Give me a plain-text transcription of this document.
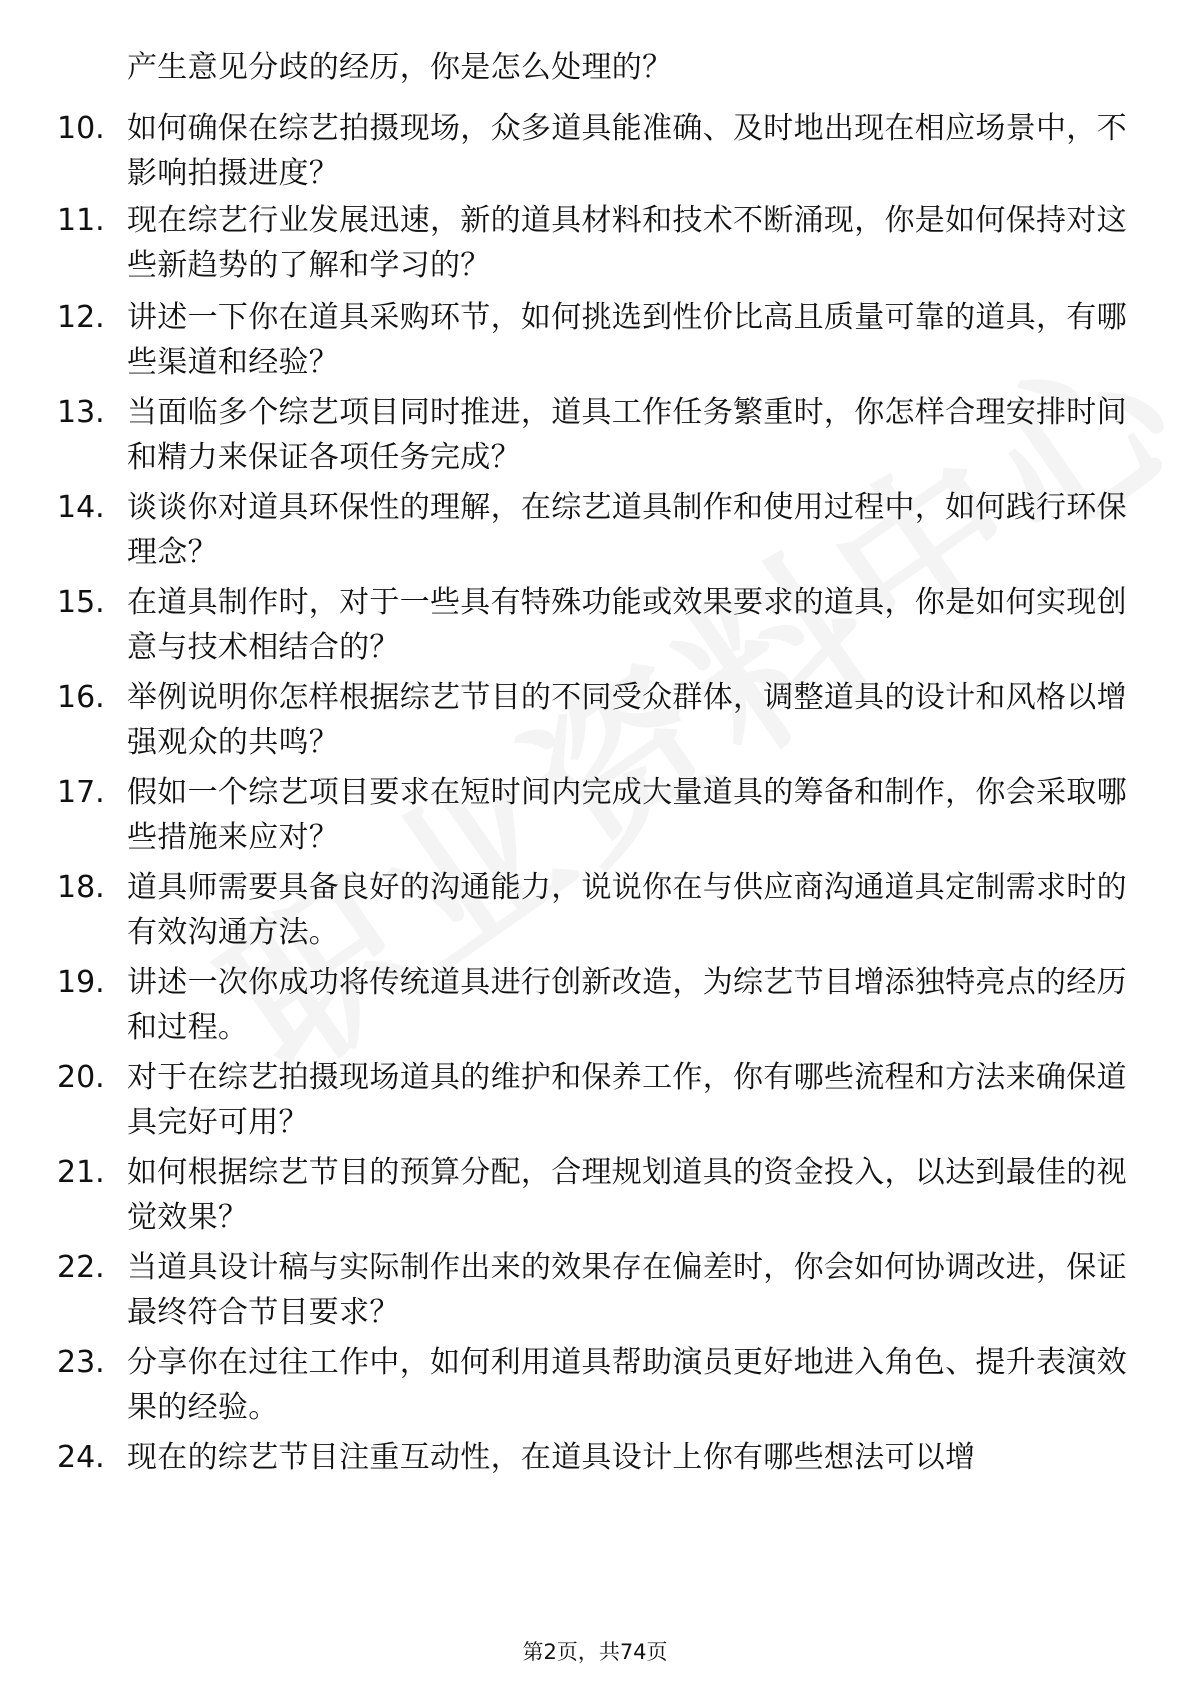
产生意见分歧的经历，你是怎么处理的？
10. 如何确保在综艺拍摄现场，众多道具能准确、及时地出现在相应场景中，不影响拍摄进度？
11. 现在综艺行业发展迅速，新的道具材料和技术不断涌现，你是如何保持对这些新趋势的了解和学习的？
12. 讲述一下你在道具采购环节，如何挑选到性价比高且质量可靠的道具，有哪些渠道和经验？
13. 当面临多个综艺项目同时推进，道具工作任务繁重时，你怎样合理安排时间和精力来保证各项任务完成？
14. 谈谈你对道具环保性的理解，在综艺道具制作和使用过程中，如何践行环保理念？
15. 在道具制作时，对于一些具有特殊功能或效果要求的道具，你是如何实现创意与技术相结合的？
16. 举例说明你怎样根据综艺节目的不同受众群体，调整道具的设计和风格以增强观众的共鸣？
17. 假如一个综艺项目要求在短时间内完成大量道具的筹备和制作，你会采取哪些措施来应对？
18. 道具师需要具备良好的沟通能力，说说你在与供应商沟通道具定制需求时的有效沟通方法。
19. 讲述一次你成功将传统道具进行创新改造，为综艺节目增添独特亮点的经历和过程。
20. 对于在综艺拍摄现场道具的维护和保养工作，你有哪些流程和方法来确保道具完好可用？
21. 如何根据综艺节目的预算分配，合理规划道具的资金投入，以达到最佳的视觉效果？
22. 当道具设计稿与实际制作出来的效果存在偏差时，你会如何协调改进，保证最终符合节目要求？
23. 分享你在过往工作中，如何利用道具帮助演员更好地进入角色、提升表演效果的经验。
24. 现在的综艺节目注重互动性，在道具设计上你有哪些想法可以增
第2页，共74页
